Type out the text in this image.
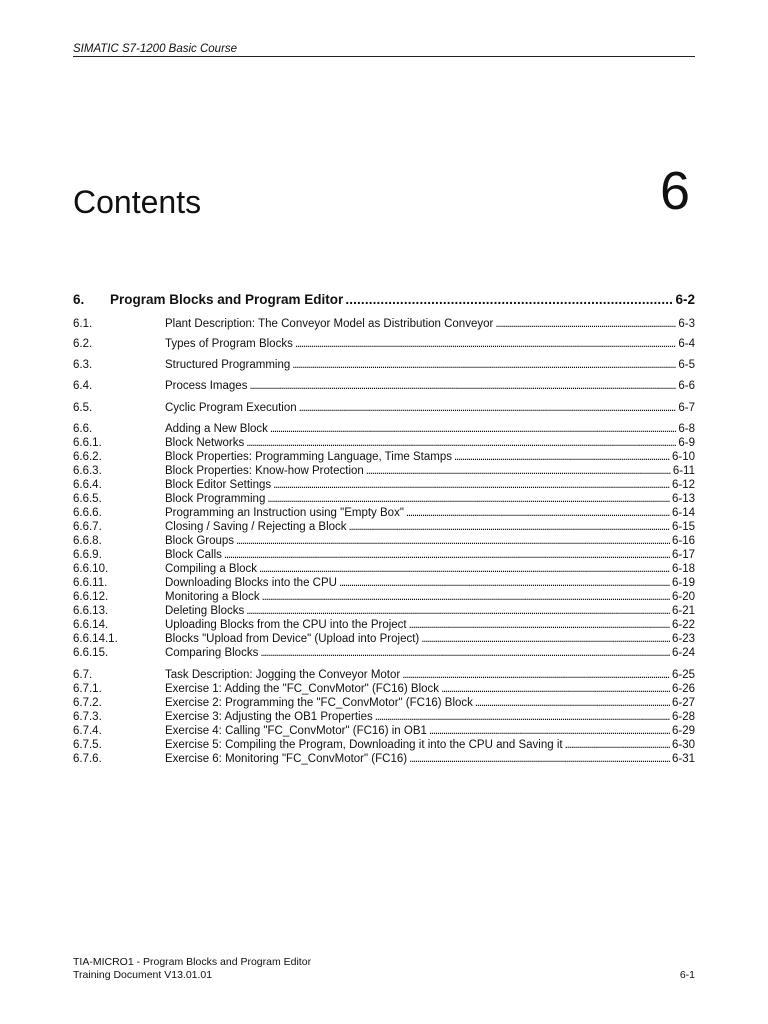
SIMATIC S7-1200 Basic Course
Contents	6
6.	Program Blocks and Program Editor . . .	6-2
6.1.	Plant Description: The Conveyor Model as Distribution Conveyor . . .	6-3
6.2.	Types of Program Blocks . . .	6-4
6.3.	Structured Programming . . .	6-5
6.4.	Process Images . . .	6-6
6.5.	Cyclic Program Execution . . .	6-7
6.6.	Adding a New Block . . .	6-8
6.6.1.	Block Networks . . .	6-9
6.6.2.	Block Properties: Programming Language, Time Stamps . . .	6-10
6.6.3.	Block Properties: Know-how Protection . . .	6-11
6.6.4.	Block Editor Settings . . .	6-12
6.6.5.	Block Programming . . .	6-13
6.6.6.	Programming an Instruction using "Empty Box" . . .	6-14
6.6.7.	Closing / Saving / Rejecting a Block . . .	6-15
6.6.8.	Block Groups . . .	6-16
6.6.9.	Block Calls . . .	6-17
6.6.10.	Compiling a Block . . .	6-18
6.6.11.	Downloading Blocks into the CPU . . .	6-19
6.6.12.	Monitoring a Block . . .	6-20
6.6.13.	Deleting Blocks . . .	6-21
6.6.14.	Uploading Blocks from the CPU into the Project . . .	6-22
6.6.14.1.	Blocks "Upload from Device" (Upload into Project) . . .	6-23
6.6.15.	Comparing Blocks . . .	6-24
6.7.	Task Description: Jogging the Conveyor Motor . . .	6-25
6.7.1.	Exercise 1: Adding the "FC_ConvMotor" (FC16) Block . . .	6-26
6.7.2.	Exercise 2: Programming the "FC_ConvMotor" (FC16) Block . . .	6-27
6.7.3.	Exercise 3: Adjusting the OB1 Properties . . .	6-28
6.7.4.	Exercise 4: Calling "FC_ConvMotor" (FC16) in OB1 . . .	6-29
6.7.5.	Exercise 5: Compiling the Program, Downloading it into the CPU and Saving it . . .	6-30
6.7.6.	Exercise 6: Monitoring "FC_ConvMotor" (FC16) . . .	6-31
TIA-MICRO1 - Program Blocks and Program Editor
Training Document V13.01.01	6-1
